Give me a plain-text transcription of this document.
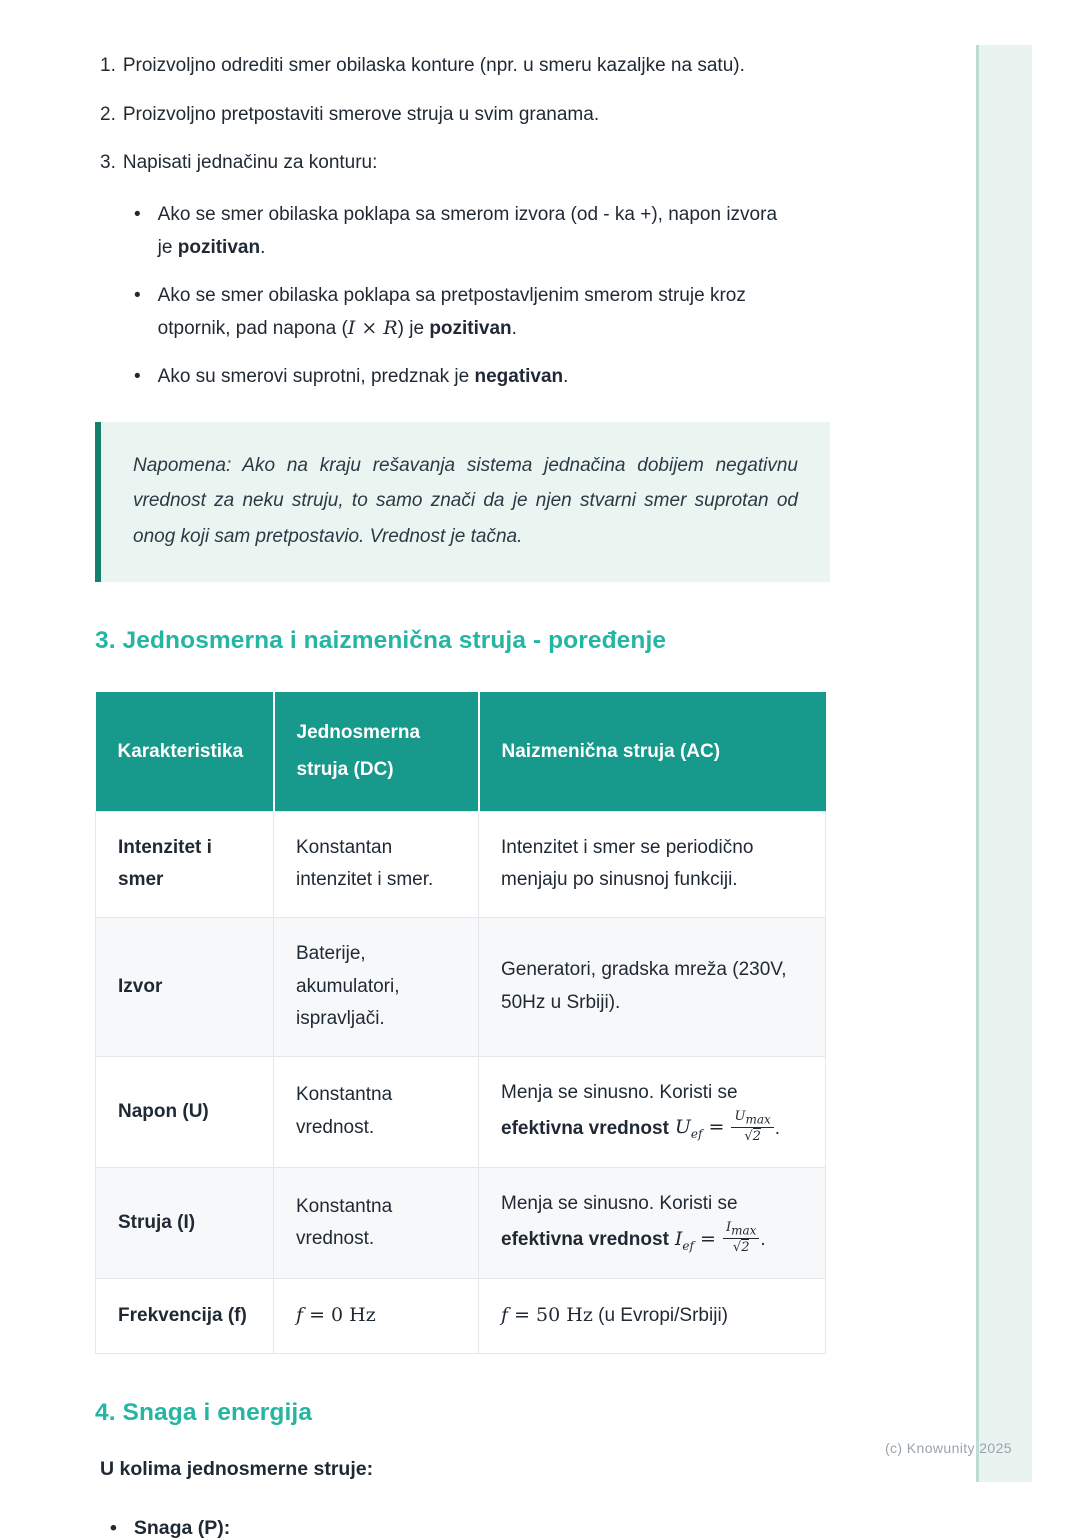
1. Proizvoljno odrediti smer obilaska konture (npr. u smeru kazaljke na satu).
2. Proizvoljno pretpostaviti smerove struja u svim granama.
3. Napisati jednačinu za konturu:
• Ako se smer obilaska poklapa sa smerom izvora (od - ka +), napon izvora je pozitivan.
• Ako se smer obilaska poklapa sa pretpostavljenim smerom struje kroz otpornik, pad napona (I × R) je pozitivan.
• Ako su smerovi suprotni, predznak je negativan.
Napomena: Ako na kraju rešavanja sistema jednačina dobijem negativnu vrednost za neku struju, to samo znači da je njen stvarni smer suprotan od onog koji sam pretpostavio. Vrednost je tačna.
3. Jednosmerna i naizmenična struja - poređenje
Karakteristika	Jednosmerna struja (DC)	Naizmenična struja (AC)
Intenzitet i smer	Konstantan intenzitet i smer.	Intenzitet i smer se periodično menjaju po sinusnoj funkciji.
Izvor	Baterije, akumulatori, ispravljači.	Generatori, gradska mreža (230V, 50Hz u Srbiji).
Napon (U)	Konstantna vrednost.	Menja se sinusno. Koristi se
efektivna vrednost $U_{ef} = \frac{U_{max}}{√2}$ .

Struja (I)	Konstantna vrednost.	Menja se sinusno. Koristi se
efektivna vrednost $I_{ef} = \frac{I_{max}}{√2}$ .

Frekvencija (f)	f = 0 Hz	f = 50 Hz (u Evropi/Srbiji)
4. Snaga i energija
U kolima jednosmerne struje:
• Snaga (P):
(c) Knowunity 2025
